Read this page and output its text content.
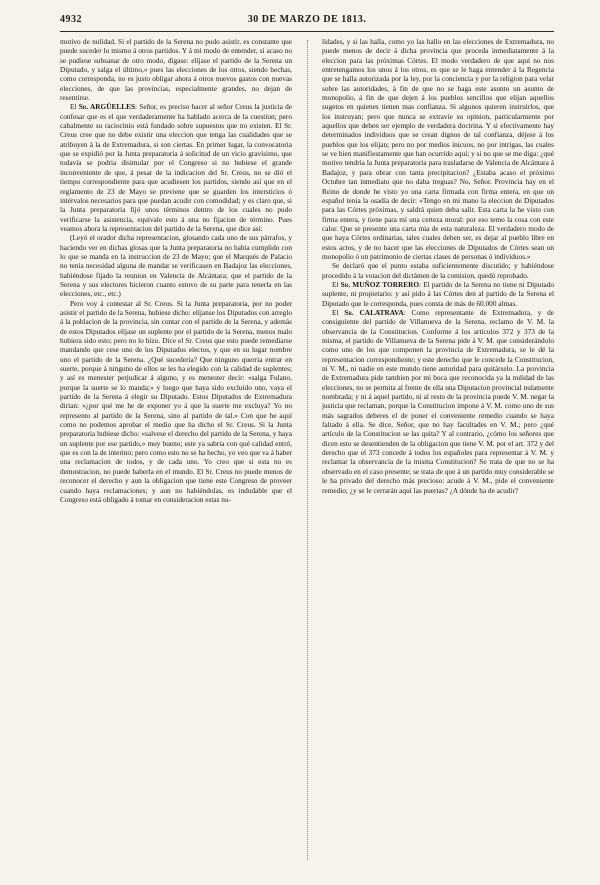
4932	30 DE MARZO DE 1813.

motivo de nulidad. Si el partido de la Serena no pudo asistir, es constante que puede suceder lo mismo á otros partidos. Y á mi modo de entender, si acaso no se pudiese subsanar de otro modo, dígase: elíjase el partido de la Serena un Diputado, y salga el último,» pues las elecciones de los otros, siendo hechas, como corresponda, no es justo obligar ahora á otros nuevos gastos con nuevas elecciones, de que las provincias, especialmente grandes, no dejan de resentirse.

El Sr. ARGÜELLES: Señor, es preciso hacer al señor Creus la justicia de confesar que es el que verdaderamente ha hablado acerca de la cuestion; pero cabalmente su raciocinio está fundado sobre supuestos que no existen. El Sr. Creus cree que no debe existir una eleccion que tenga las cualidades que se atribuyen á la de Extremadura, si son ciertas. En primer lugar, la convocatoria que se expidió por la Junta preparatoria á solicitud de un vicio gravísimo, que todavía se podria disimular por el Congreso si no hubiese el grande inconveniente de que, á pesar de la indicacion del Sr. Creus, no se dió el tiempo correspondiente para que acudiesen los partidos, siendo así que en el reglamento de 23 de Mayo se previene que se guarden los intersticios ó intérvalos necesarios para que puedan acudir con comodidad; y es claro que, si la Junta preparatoria fijó unos términos dentro de los cuales no pudo verificarse la asistencia, equivale esto á una no fijacion de término. Pues veamos ahora la representacion del partido de la Serena, que dice así:

(Leyó el orador dicha representacion, glosando cada uno de sus párrafos, y haciendo ver en dichas glosas que la Junta preparatoria no habia cumplido con lo que se manda en la instruccion de 23 de Mayo; que el Marqués de Palacio no tenia necesidad alguna de mandar se verificasen en Badajoz las elecciones, habiéndose fijado la reunion en Valencia de Alcántara; que el partido de la Serena y sus electores hicieron cuanto estuvo de su parte para tenerla en las elecciones, etc., etc.)

Pero voy á contestar al Sr. Creus. Si la Junta preparatoria, por no poder asistir el partido de la Serena, hubiese dicho: elíjanse los Diputados con arreglo á la poblacion de la provincia, sin contar con el partido de la Serena, y además de estos Diputados elíjase un suplente por el partido de la Serena, menos malo hubiera sido esto; pero no lo hizo. Dice el Sr. Creus que esto puede remediarse mandando que cese uno de los Diputados electos, y que en su lugar nombre uno el partido de la Serena. ¿Qué sucederia? Que ninguno querria entrar en suerte, porque á ninguno de ellos se les ha elegido con la calidad de suplentes; y así es menester perjudicar á alguno, y es menester decir: «salga Fulano, porque la suerte se lo manda;» y luego que haya sido excluido uno, vaya el partido de la Serena á elegir su Diputado. Estos Diputados de Extremadura dirian: «¿por qué me he de exponer yo á que la suerte me excluya? Yo no represento al partido de la Serena, sino al partido de tal.» Con que he aquí como no podemos aprobar el medio que ha dicho el Sr. Creus. Si la Junta preparatoria hubiese dicho: «salvese el derecho del partido de la Serena, y haya un suplente por ese partido,» muy bueno; este ya sabria con qué calidad entró, que es con la de interino; pero como esto no se ha hecho, yo veo que va á haber una reclamacion de todos, y de cada uno. Yo creo que si esta no es demostracion, no puede haberla en el mundo. El Sr. Creus no puede menos de reconocer el derecho y aun la obligacion que tiene este Congreso de proveer cuando haya reclamaciones; y aun no habiéndolas, es indudable que el Congreso está obligado á tomar en consideracion estas nu-

lidades, y si las halla, como yo las hallo en las elecciones de Extremadura, no puede menos de decir á dicha provincia que proceda inmediatamente á la eleccion para las próximas Córtes. El modo verdadero de que aquí no nos entretengamos los unos á los otros, es que se le haga entender á la Regencia que se halla autorizada por la ley, por la conciencia y por la religion para velar sobre las autoridades, á fin de que no se haga este asunto un asunto de monopolio, á fin de que dejen á los pueblos sencillos que elijan aquellos sugetos en quienes tienen mas confianza. Si algunos quieren instruirlos, que los instruyan; pero que nunca se extravíe su opinion, particularmente por aquellos que deben ser ejemplo de verdadera doctrina. Y si efectivamente hay determinados individuos que se crean dignos de tal confianza, déjese á los pueblos que los elijan; pero no por medios inicuos, no por intrigas, las cuales se ve bien manifiestamente que han ocurrido aquí; y si no que se me diga: ¿qué motivo tendria la Junta preparatoria para trasladarse de Valencia de Alcántara á Badajoz, y para obrar con tanta precipitacion? ¿Estaba acaso el próximo Octubre tan inmediato que no daba treguas? No, Señor. Provincia hay en el Reino de donde he visto yo una carta firmada con firma entera, en que un español tenia la osadía de decir: «Tengo en mi mano la eleccion de Diputados para las Córtes próximas, y saldrá quien deba salir. Esta carta la he visto con firma entera, y tiene para mí una certeza moral: por eso temo la cosa con este calor. Que se presente una carta mia de esta naturaleza. El verdadero modo de que haya Córtes ordinarias, tales cuales deben ser, es dejar al pueblo libre en estos actos, y de no hacer que las elecciones de Diputados de Córtes sean un monopolio ó un patrimonio de ciertas clases de personas ó individuos.»

Se declaró que el punto estaba suficientemente discutido; y habiéndose procedido á la votacion del dictámen de la comision, quedó reprobado.

El Sr. MUÑOZ TORRERO: El partido de la Serena no tiene ni Diputado suplente, ni propietario: y así pido á las Córtes den al partido de la Serena el Diputado que le corresponda, pues consta de más de 60.000 almas.

El Sr. CALATRAVA: Como representante de Extremadura, y de consiguiente del partido de Villanueva de la Serena, reclamo de V. M. la observancia de la Constitucion. Conforme á los artículos 372 y 373 de la misma, el partido de Villanueva de la Serena pide á V. M. que considerándolo como uno de los que componen la provincia de Extremadura, se le dé la representacion correspondiente; y este derecho que le concede la Constitucion, ni V. M., ni nadie en este mundo tiene autoridad para quitárselo. La provincia de Extremadura pide tambien por mi boca que reconocida ya la nulidad de las elecciones, no se permita al frente de ella una Diputacion provincial nulamente nombrada; y ni á aquel partido, ni al resto de la provincia puede V. M. negar la justicia que reclaman, porque la Constitucion impone á V. M. como uno de sus más sagrados deberes el de poner el conveniente remedio cuando se haya faltado á ella. Se dice, Señor, que no hay facultades en V. M.; pero ¿qué artículo de la Constitucion se las quita? Y al contrario, ¿cómo los señores que dicen esto se desentienden de la obligacion que tiene V. M. por el art. 372 y del derecho que el 373 concede á todos los españoles para representar á V. M. y reclamar la observancia de la misma Constitucion? Se trata de que no se ha observado en el caso presente; se trata de que á un partido muy considerable se le ha privado del derecho más precioso: acude á V. M., pide el conveniente remedio; ¿y se le cerrarán aquí las puertas? ¿A dónde ha de acudir?
